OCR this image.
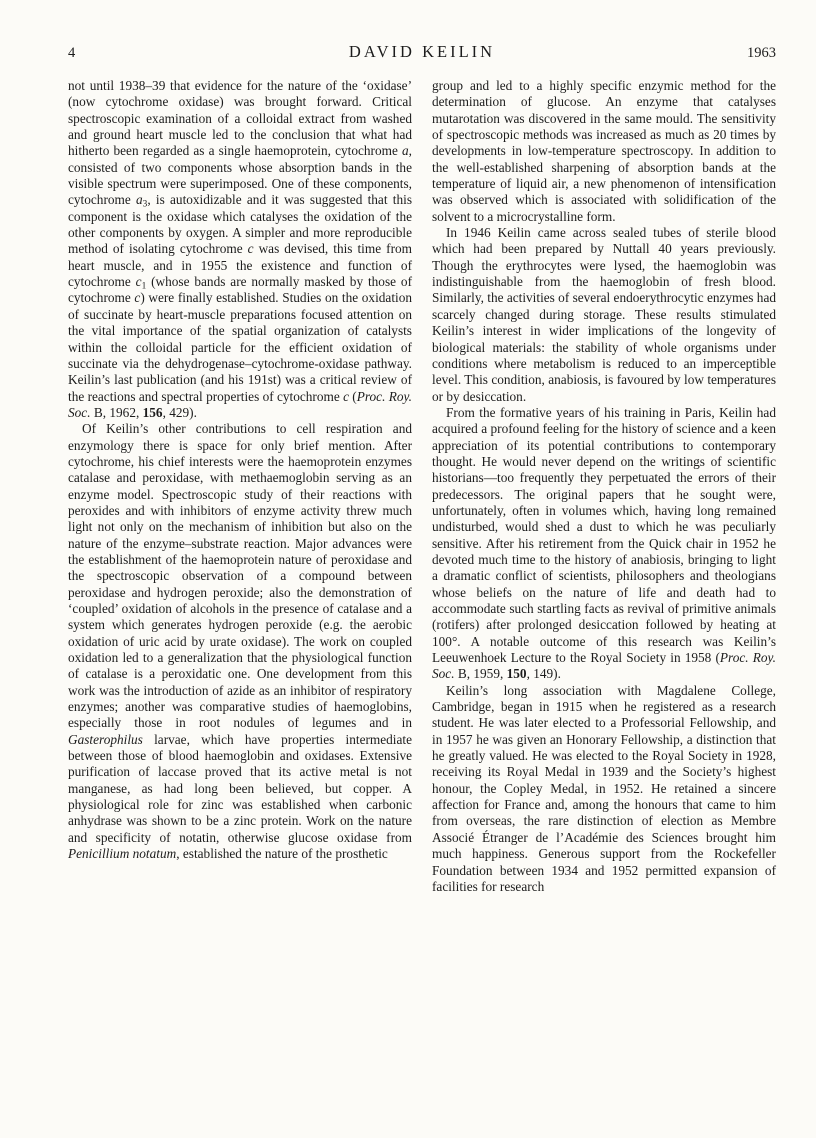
4	DAVID KEILIN	1963

not until 1938–39 that evidence for the nature of the ‘oxidase’ (now cytochrome oxidase) was brought forward. Critical spectroscopic examination of a colloidal extract from washed and ground heart muscle led to the conclusion that what had hitherto been regarded as a single haemoprotein, cytochrome a, consisted of two components whose absorption bands in the visible spectrum were superimposed. One of these components, cytochrome a3, is autoxidizable and it was suggested that this component is the oxidase which catalyses the oxidation of the other components by oxygen. A simpler and more reproducible method of isolating cytochrome c was devised, this time from heart muscle, and in 1955 the existence and function of cytochrome c1 (whose bands are normally masked by those of cytochrome c) were finally established. Studies on the oxidation of succinate by heart-muscle preparations focused attention on the vital importance of the spatial organization of catalysts within the colloidal particle for the efficient oxidation of succinate via the dehydrogenase–cytochrome-oxidase pathway. Keilin’s last publication (and his 191st) was a critical review of the reactions and spectral properties of cytochrome c (Proc. Roy. Soc. B, 1962, 156, 429).

Of Keilin’s other contributions to cell respiration and enzymology there is space for only brief mention. After cytochrome, his chief interests were the haemoprotein enzymes catalase and peroxidase, with methaemoglobin serving as an enzyme model. Spectroscopic study of their reactions with peroxides and with inhibitors of enzyme activity threw much light not only on the mechanism of inhibition but also on the nature of the enzyme–substrate reaction. Major advances were the establishment of the haemoprotein nature of peroxidase and the spectroscopic observation of a compound between peroxidase and hydrogen peroxide; also the demonstration of ‘coupled’ oxidation of alcohols in the presence of catalase and a system which generates hydrogen peroxide (e.g. the aerobic oxidation of uric acid by urate oxidase). The work on coupled oxidation led to a generalization that the physiological function of catalase is a peroxidatic one. One development from this work was the introduction of azide as an inhibitor of respiratory enzymes; another was comparative studies of haemoglobins, especially those in root nodules of legumes and in Gasterophilus larvae, which have properties intermediate between those of blood haemoglobin and oxidases. Extensive purification of laccase proved that its active metal is not manganese, as had long been believed, but copper. A physiological role for zinc was established when carbonic anhydrase was shown to be a zinc protein. Work on the nature and specificity of notatin, otherwise glucose oxidase from Penicillium notatum, established the nature of the prosthetic

group and led to a highly specific enzymic method for the determination of glucose. An enzyme that catalyses mutarotation was discovered in the same mould. The sensitivity of spectroscopic methods was increased as much as 20 times by developments in low-temperature spectroscopy. In addition to the well-established sharpening of absorption bands at the temperature of liquid air, a new phenomenon of intensification was observed which is associated with solidification of the solvent to a microcrystalline form.

In 1946 Keilin came across sealed tubes of sterile blood which had been prepared by Nuttall 40 years previously. Though the erythrocytes were lysed, the haemoglobin was indistinguishable from the haemoglobin of fresh blood. Similarly, the activities of several endoerythrocytic enzymes had scarcely changed during storage. These results stimulated Keilin’s interest in wider implications of the longevity of biological materials: the stability of whole organisms under conditions where metabolism is reduced to an imperceptible level. This condition, anabiosis, is favoured by low temperatures or by desiccation.

From the formative years of his training in Paris, Keilin had acquired a profound feeling for the history of science and a keen appreciation of its potential contributions to contemporary thought. He would never depend on the writings of scientific historians—too frequently they perpetuated the errors of their predecessors. The original papers that he sought were, unfortunately, often in volumes which, having long remained undisturbed, would shed a dust to which he was peculiarly sensitive. After his retirement from the Quick chair in 1952 he devoted much time to the history of anabiosis, bringing to light a dramatic conflict of scientists, philosophers and theologians whose beliefs on the nature of life and death had to accommodate such startling facts as revival of primitive animals (rotifers) after prolonged desiccation followed by heating at 100°. A notable outcome of this research was Keilin’s Leeuwenhoek Lecture to the Royal Society in 1958 (Proc. Roy. Soc. B, 1959, 150, 149).

Keilin’s long association with Magdalene College, Cambridge, began in 1915 when he registered as a research student. He was later elected to a Professorial Fellowship, and in 1957 he was given an Honorary Fellowship, a distinction that he greatly valued. He was elected to the Royal Society in 1928, receiving its Royal Medal in 1939 and the Society’s highest honour, the Copley Medal, in 1952. He retained a sincere affection for France and, among the honours that came to him from overseas, the rare distinction of election as Membre Associé Étranger de l’Académie des Sciences brought him much happiness. Generous support from the Rockefeller Foundation between 1934 and 1952 permitted expansion of facilities for research
